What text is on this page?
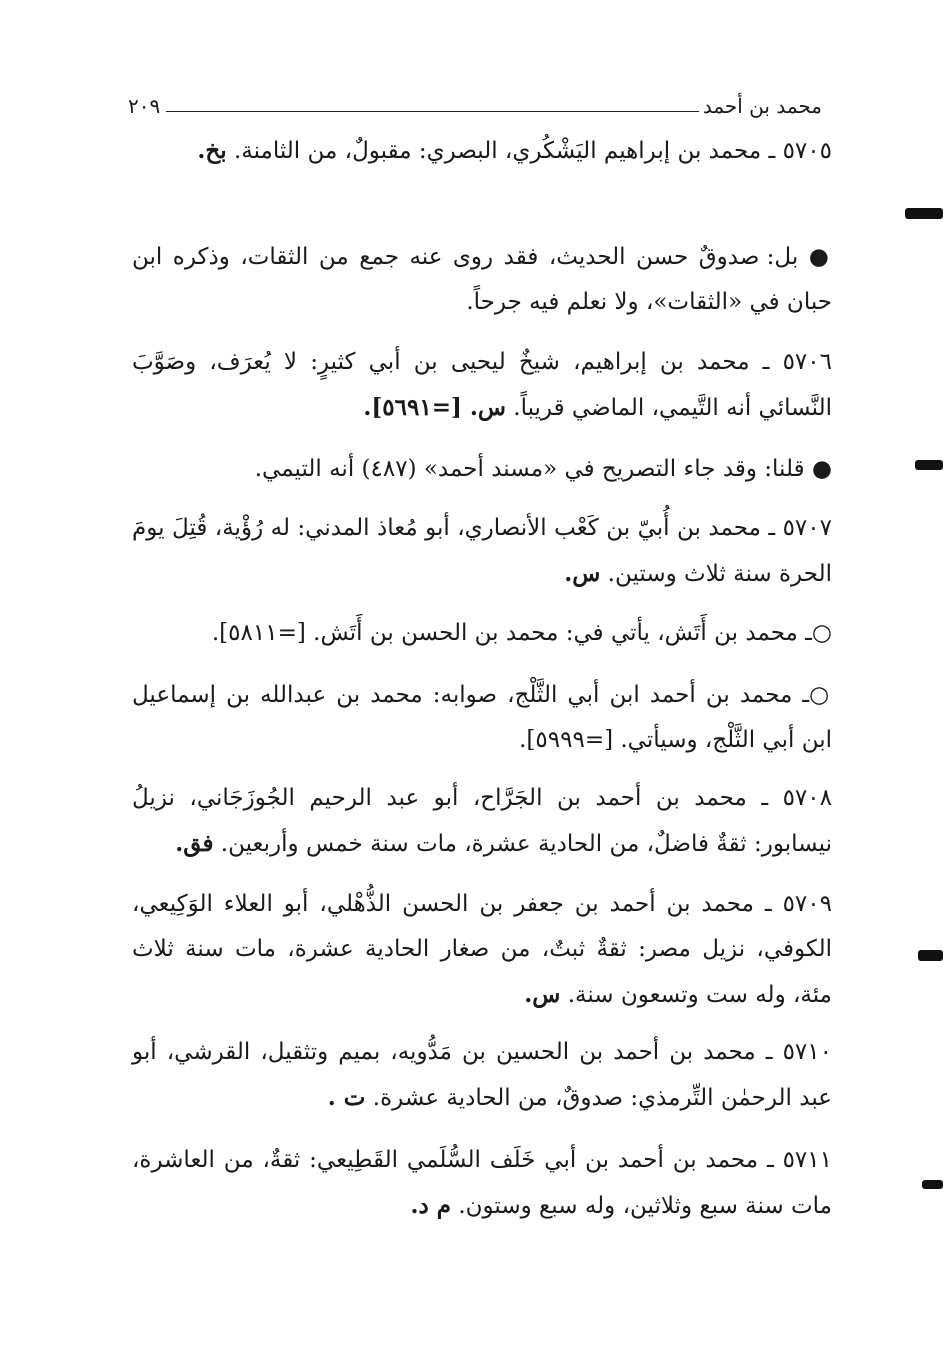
محمد بن أحمد
٢٠٩

٥٧٠٥ ـ محمد بن إبراهيم اليَشْكُري، البصري: مقبولٌ، من الثامنة. بخ.

● بل: صدوقٌ حسن الحديث، فقد روى عنه جمع من الثقات، وذكره ابن حبان في «الثقات»، ولا نعلم فيه جرحاً.

٥٧٠٦ ـ محمد بن إبراهيم، شيخٌ ليحيى بن أبي كثيرٍ: لا يُعرَف، وصَوَّبَ النَّسائي أنه التَّيمي، الماضي قريباً. س. [=٥٦٩١].

● قلنا: وقد جاء التصريح في «مسند أحمد» (٤٨٧) أنه التيمي.

٥٧٠٧ ـ محمد بن أُبيّ بن كَعْب الأنصاري، أبو مُعاذ المدني: له رُؤْية، قُتِلَ يومَ الحرة سنة ثلاث وستين. س.

○ـ محمد بن أَتَش، يأتي في: محمد بن الحسن بن أَتَش. [=٥٨١١].

○ـ محمد بن أحمد ابن أبي الثَّلْج، صوابه: محمد بن عبدالله بن إسماعيل ابن أبي الثَّلْج، وسيأتي. [=٥٩٩٩].

٥٧٠٨ ـ محمد بن أحمد بن الجَرَّاح، أبو عبد الرحيم الجُوزَجَاني، نزيلُ نيسابور: ثقةٌ فاضلٌ، من الحادية عشرة، مات سنة خمس وأربعين. فق.

٥٧٠٩ ـ محمد بن أحمد بن جعفر بن الحسن الذُّهْلي، أبو العلاء الوَكِيعي، الكوفي، نزيل مصر: ثقةٌ ثبتٌ، من صغار الحادية عشرة، مات سنة ثلاث مئة، وله ست وتسعون سنة. س.

٥٧١٠ ـ محمد بن أحمد بن الحسين بن مَدُّويه، بميم وتثقيل، القرشي، أبو عبد الرحمٰن التِّرمذي: صدوقٌ، من الحادية عشرة. ت .

٥٧١١ ـ محمد بن أحمد بن أبي خَلَف السُّلَمي القَطِيعي: ثقةٌ، من العاشرة، مات سنة سبع وثلاثين، وله سبع وستون. م د.
